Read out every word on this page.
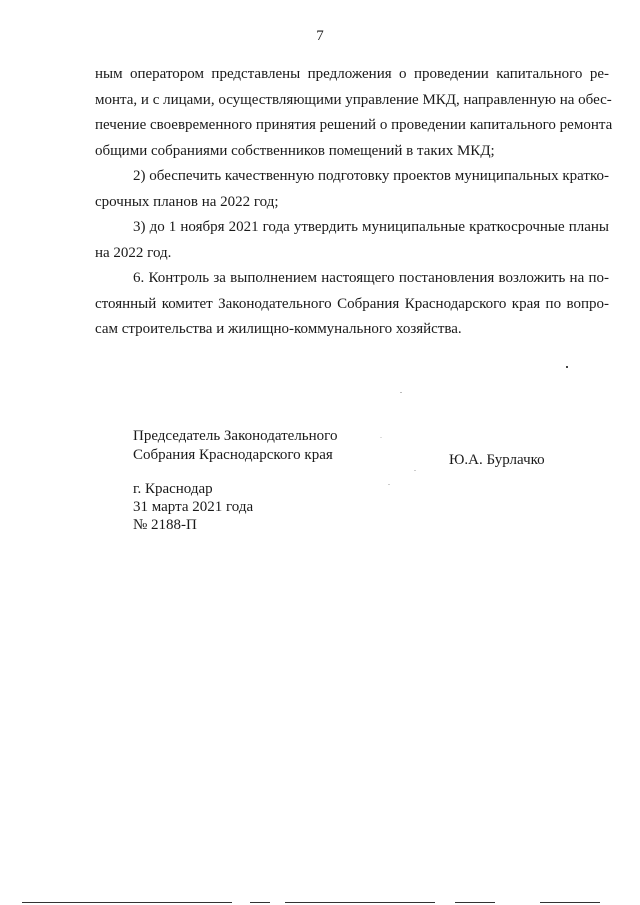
7

ным оператором представлены предложения о проведении капитального ре-
монта, и с лицами, осуществляющими управление МКД, направленную на обес-
печение своевременного принятия решений о проведении капитального ремонта
общими собраниями собственников помещений в таких МКД;

2) обеспечить качественную подготовку проектов муниципальных кратко-
срочных планов на 2022 год;

3) до 1 ноября 2021 года утвердить муниципальные краткосрочные планы
на 2022 год.

6. Контроль за выполнением настоящего постановления возложить на по-
стоянный комитет Законодательного Собрания Краснодарского края по вопро-
сам строительства и жилищно-коммунального хозяйства.

Председатель Законодательного
Собрания Краснодарского края	Ю.А. Бурлачко
г. Краснодар
31 марта 2021 года
№ 2188-П
